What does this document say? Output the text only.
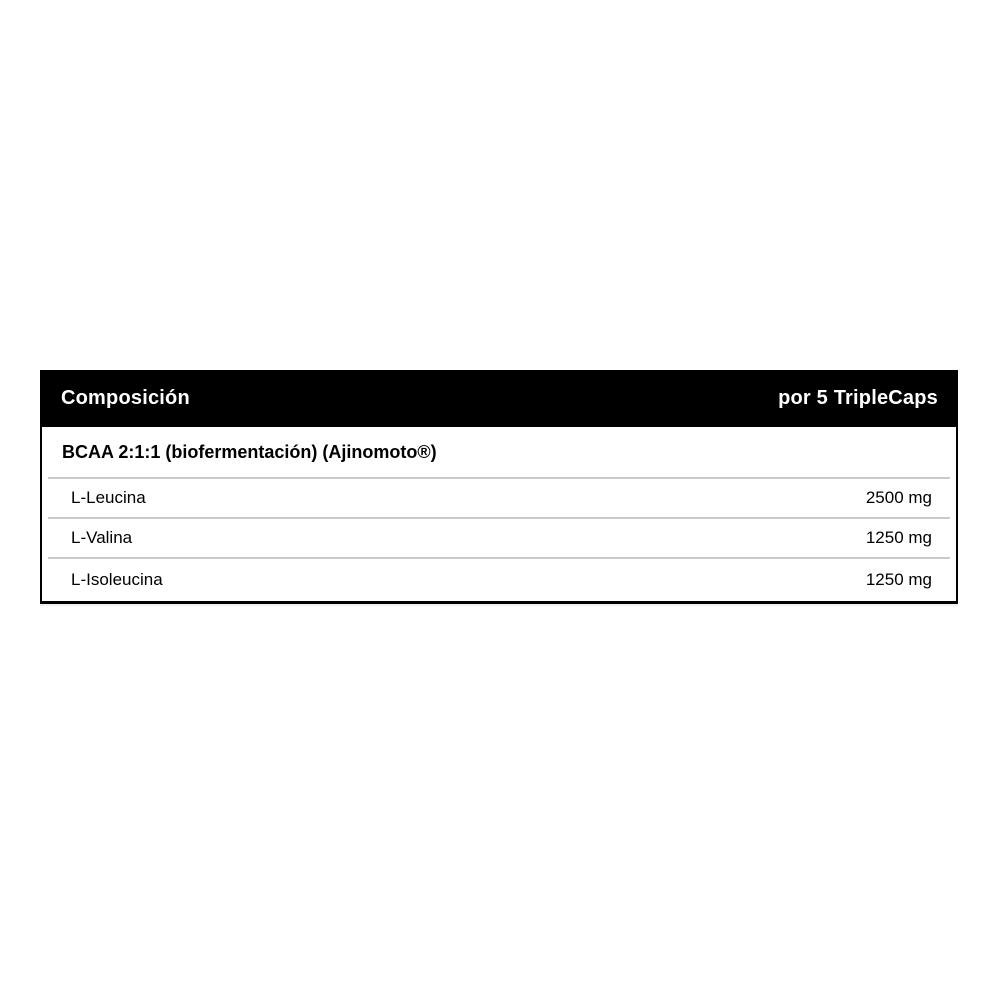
Composición	por 5 TripleCaps
BCAA 2:1:1 (biofermentación) (Ajinomoto®)
L-Leucina	2500 mg
L-Valina	1250 mg
L-Isoleucina	1250 mg
